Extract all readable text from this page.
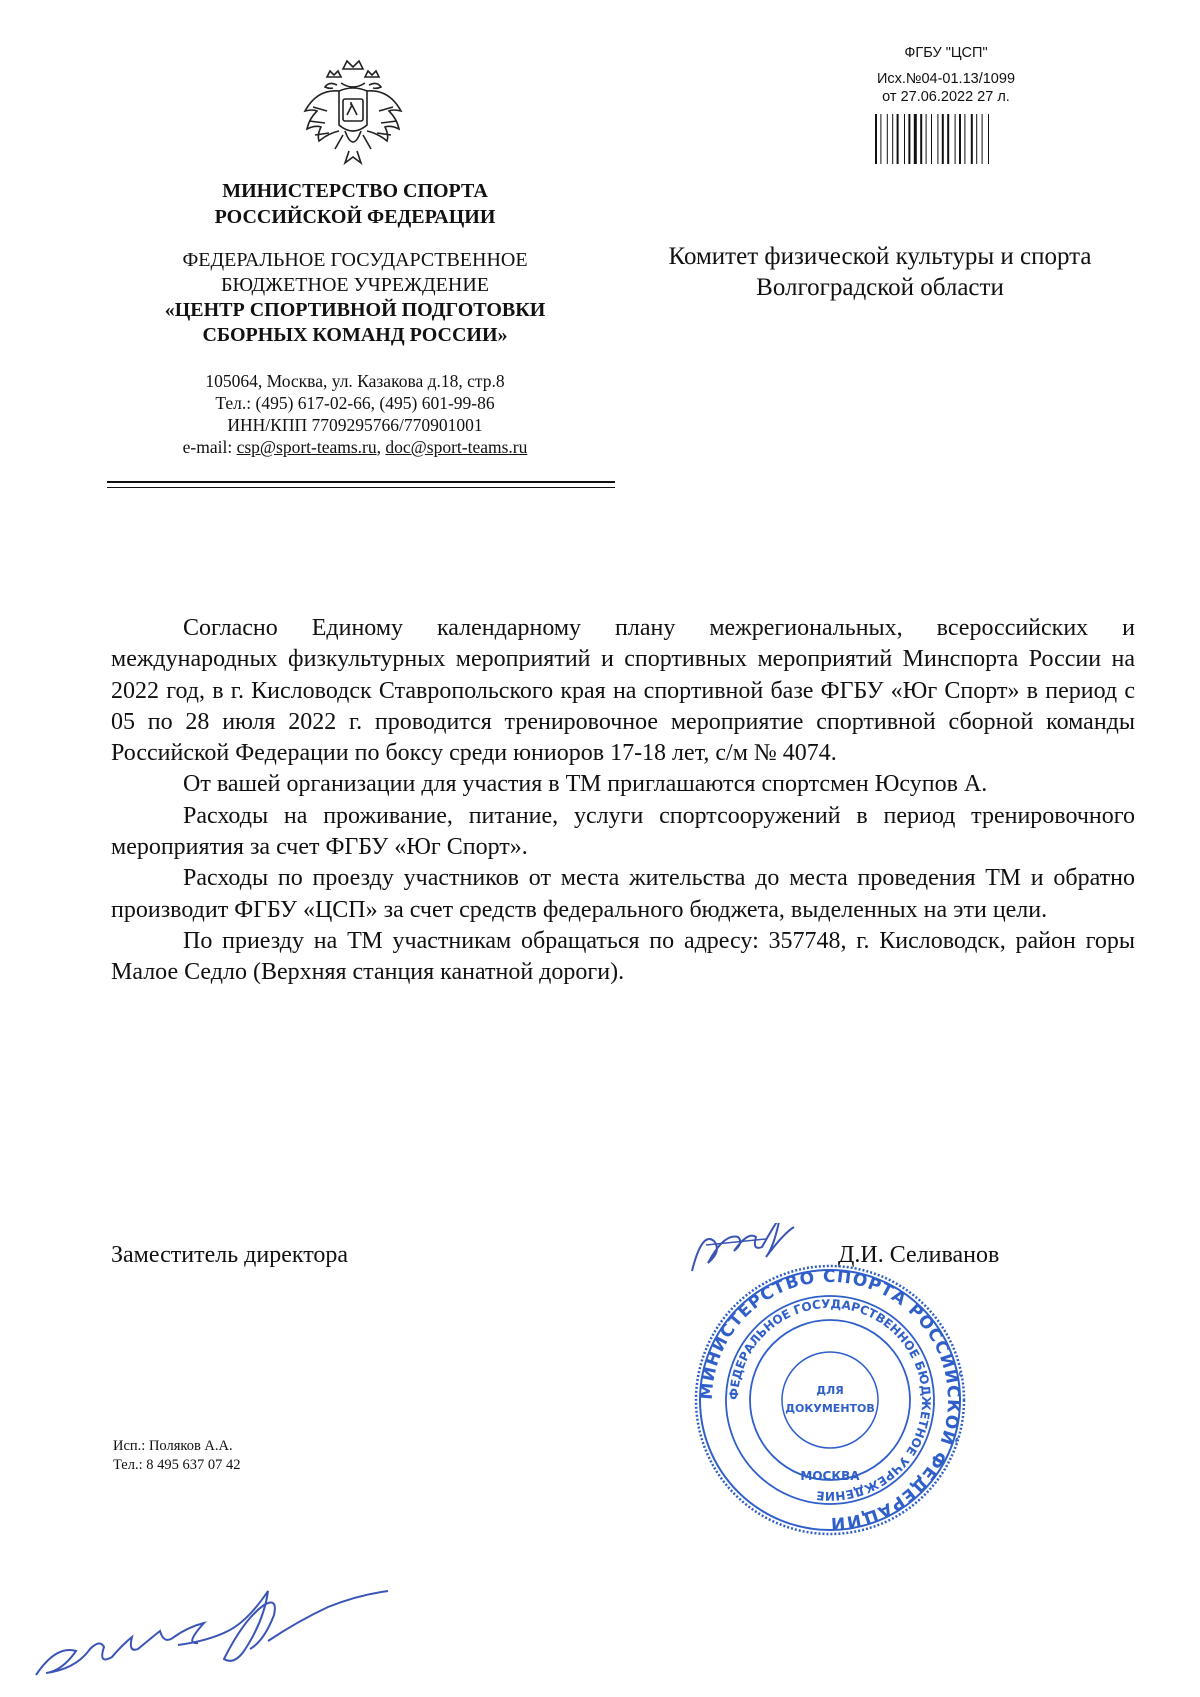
МИНИСТЕРСТВО СПОРТА
РОССИЙСКОЙ ФЕДЕРАЦИИ
ФЕДЕРАЛЬНОЕ ГОСУДАРСТВЕННОЕ
БЮДЖЕТНОЕ УЧРЕЖДЕНИЕ
«ЦЕНТР СПОРТИВНОЙ ПОДГОТОВКИ
СБОРНЫХ КОМАНД РОССИИ»
105064, Москва, ул. Казакова д.18, стр.8
Тел.: (495) 617-02-66, (495) 601-99-86
ИНН/КПП 7709295766/770901001
e-mail: csp@sport-teams.ru, doc@sport-teams.ru
ФГБУ "ЦСП"
Исх.№04-01.13/1099
от 27.06.2022 27 л.
Комитет физической культуры и спорта
Волгоградской области

Согласно Единому календарному плану межрегиональных, всероссийских и международных физкультурных мероприятий и спортивных мероприятий Минспорта России на 2022 год, в г. Кисловодск Ставропольского края на спортивной базе ФГБУ «Юг Спорт» в период с 05 по 28 июля 2022 г. проводится тренировочное мероприятие спортивной сборной команды Российской Федерации по боксу среди юниоров 17-18 лет, с/м № 4074.

От вашей организации для участия в ТМ приглашаются спортсмен Юсупов А.

Расходы на проживание, питание, услуги спортсооружений в период тренировочного мероприятия за счет ФГБУ «Юг Спорт».

Расходы по проезду участников от места жительства до места проведения ТМ и обратно производит ФГБУ «ЦСП» за счет средств федерального бюджета, выделенных на эти цели.

По приезду на ТМ участникам обращаться по адресу: 357748, г. Кисловодск, район горы Малое Седло (Верхняя станция канатной дороги).

Заместитель директора	Д.И. Селиванов
МИНИСТЕРСТВО СПОРТА РОССИЙСКОЙ ФЕДЕРАЦИИ
ФЕДЕРАЛЬНОЕ ГОСУДАРСТВЕННОЕ БЮДЖЕТНОЕ УЧРЕЖДЕНИЕ
ДЛЯ
ДОКУМЕНТОВ
МОСКВА
Исп.: Поляков А.А.
Тел.: 8 495 637 07 42
